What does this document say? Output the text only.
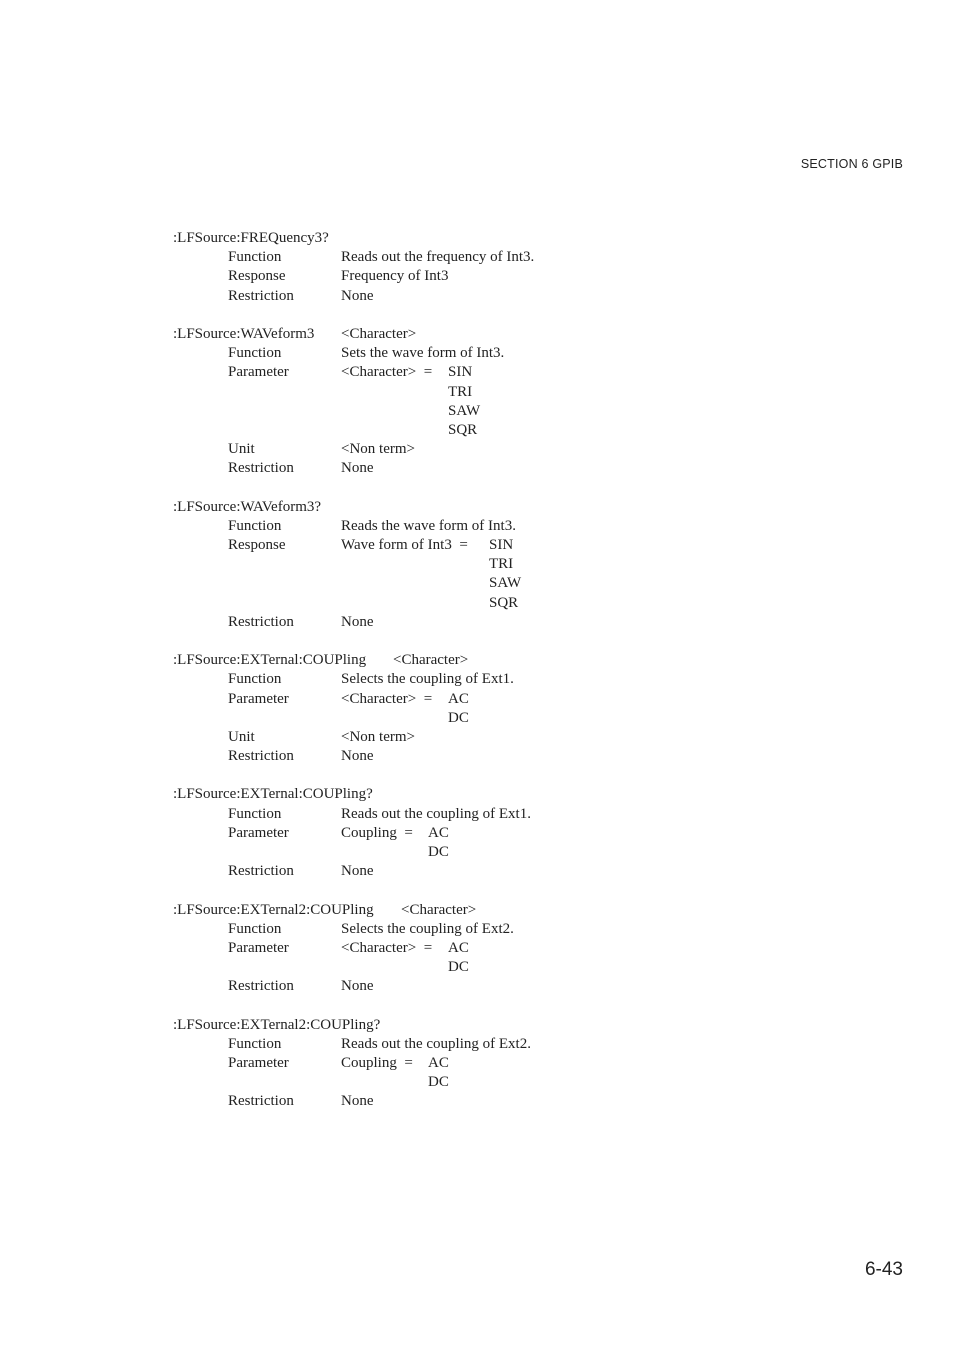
SECTION 6 GPIB
:LFSource:FREQuency3?
Function	Reads out the frequency of Int3.
Response	Frequency of Int3
Restriction	None
:LFSource:WAVeform3 <Character>
Function	Sets the wave form of Int3.
Parameter	<Character>  = SIN
TRI
SAW
SQR
Unit	<Non term>
Restriction	None
:LFSource:WAVeform3?
Function	Reads the wave form of Int3.
Response	Wave form of Int3  = SIN
TRI
SAW
SQR
Restriction	None
:LFSource:EXTernal:COUPling <Character>
Function	Selects the coupling of Ext1.
Parameter	<Character>  = AC
DC
Unit	<Non term>
Restriction	None
:LFSource:EXTernal:COUPling?
Function	Reads out the coupling of Ext1.
Parameter	Coupling  = AC
DC
Restriction	None
:LFSource:EXTernal2:COUPling <Character>
Function	Selects the coupling of Ext2.
Parameter	<Character>  = AC
DC
Restriction	None
:LFSource:EXTernal2:COUPling?
Function	Reads out the coupling of Ext2.
Parameter	Coupling  = AC
DC
Restriction	None
6-43
